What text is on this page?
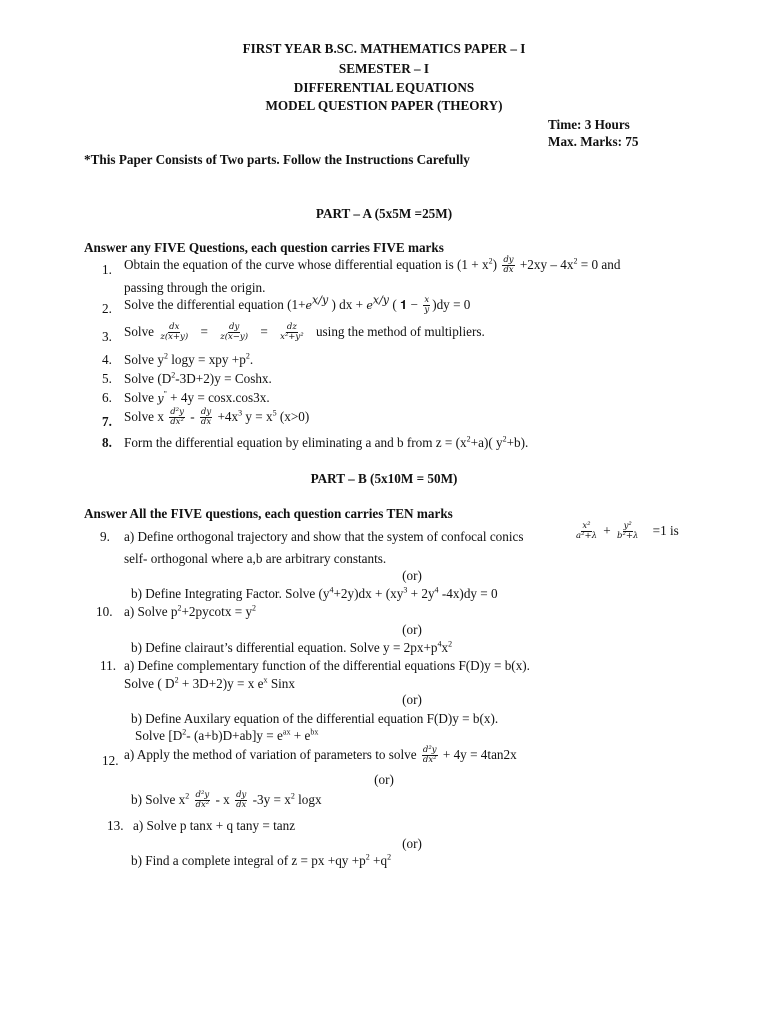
FIRST YEAR B.SC. MATHEMATICS PAPER – I
SEMESTER – I
DIFFERENTIAL EQUATIONS
MODEL QUESTION PAPER (THEORY)
Time: 3 Hours
Max. Marks: 75
*This Paper Consists of Two parts. Follow the Instructions Carefully
PART – A (5x5M =25M)
Answer any FIVE Questions, each question carries FIVE marks
1. Obtain the equation of the curve whose differential equation is $(1 + x^2) \frac{dy}{dx} +2xy - 4x^2 = 0$ and
passing through the origin.
2. Solve the differential equation ($1+e^{x/y}$ ) dx + $e^{x/y}$ ( 𝟏 − $\frac{x}{y} )dy = 0$
3. Solve $\frac{dx}{z(x+y)} = \frac{dy}{z(x-y)} = \frac{dz}{\text{x²+y²}}$ using the method of multipliers.
4. Solve $y^2$ logy = xpy $+p^2$.
5. Solve $(D^2-3D+2)y$ = Coshx.
6. Solve y" + 4y = cosx.cos3x.
7. Solve x $\frac{\text{d²y}}{\text{dx²}} - \frac{dy}{dx} +4x^3$ $y = x^5$ (x>0)
8. Form the differential equation by eliminating a and b from $z = (x^2+a)$( $y^2+b$).
PART – B (5x10M = 50M)
Answer All the FIVE questions, each question carries TEN marks
9. a) Define orthogonal trajectory and show that the system of confocal conics	$\frac{\text{x²}}{\text{a²+λ}} + \frac{\text{y²}}{\text{b²+λ}} =1$ is
self- orthogonal where a,b are arbitrary constants.
(or)
b) Define Integrating Factor. Solve $(y^4+2y)dx + (xy^3 + 2y^4$ -4x)dy = 0
10. a) Solve $p^2+2pycotx = y^2$
(or)
b) Define clairaut’s differential equation. Solve $y = 2px+p^4x^2$
11. a) Define complementary function of the differential equations F(D)y = b(x).
Solve ( $D^2 + 3D+2)y = x$ $e^x$ Sinx
(or)
b) Define Auxilary equation of the differential equation F(D)y = b(x).
Solve [$D^2-$ $(a+b)D+ab]y = e^{ax} + e^{bx}$
12. a) Apply the method of variation of parameters to solve $\frac{\text{d²y}}{\text{dx²}} + 4y = 4\tan 2x$
(or)
b) Solve $x^2 \frac{\text{d²y}}{\text{dx²}} - x \frac{dy}{dx} -3y = x^2$ logx
13. a) Solve p tanx + q tany = tanz
(or)
b) Find a complete integral of z = px $+qy +p^2 +q^2$
